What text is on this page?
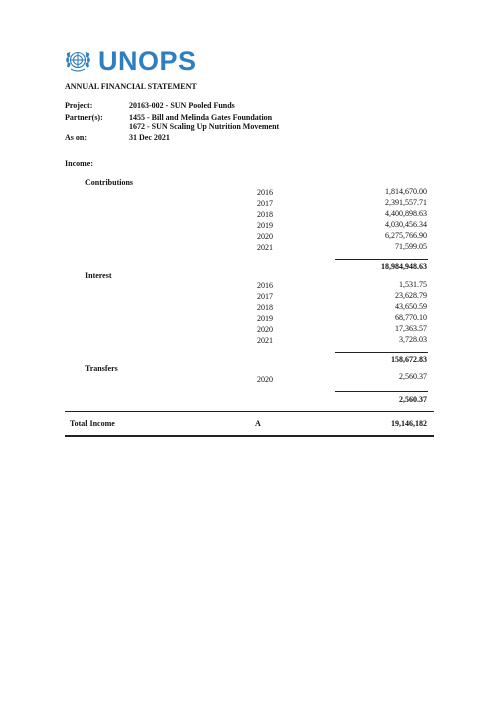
UNOPS
ANNUAL FINANCIAL STATEMENT
Project:	20163-002 - SUN Pooled Funds
Partner(s):	1455 - Bill and Melinda Gates Foundation
1672 - SUN Scaling Up Nutrition Movement
As on:	31 Dec 2021
Income:
Contributions
2016	1,814,670.00
2017	2,391,557.71
2018	4,400,898.63
2019	4,030,456.34
2020	6,275,766.90
2021	71,599.05
18,984,948.63
Interest
2016	1,531.75
2017	23,628.79
2018	43,650.59
2019	68,770.10
2020	17,363.57
2021	3,728.03
158,672.83
Transfers
2020	2,560.37
2,560.37
Total Income	A	19,146,182
